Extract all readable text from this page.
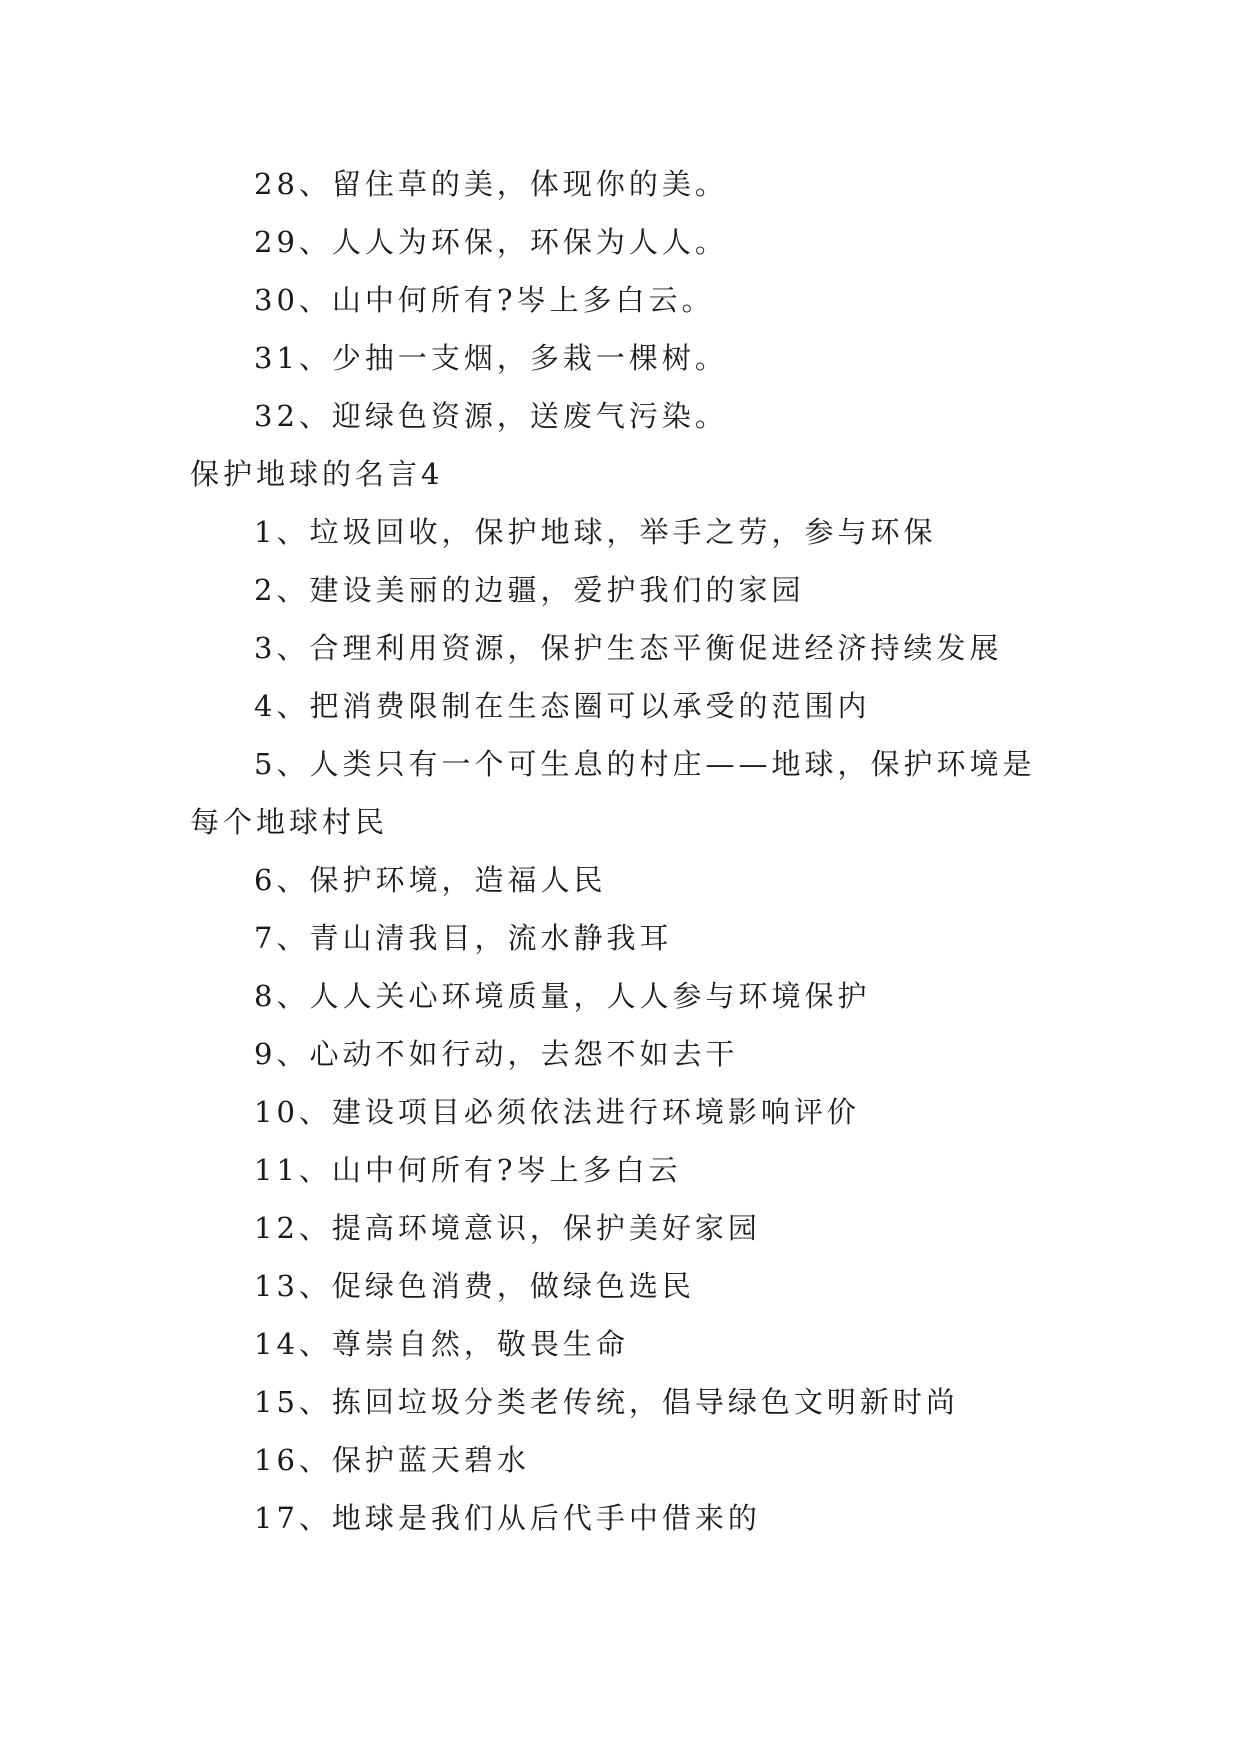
28、留住草的美，体现你的美。
29、人人为环保，环保为人人。
30、山中何所有?岑上多白云。
31、少抽一支烟，多栽一棵树。
32、迎绿色资源，送废气污染。
保护地球的名言4
1、垃圾回收，保护地球，举手之劳，参与环保
2、建设美丽的边疆，爱护我们的家园
3、合理利用资源，保护生态平衡促进经济持续发展
4、把消费限制在生态圈可以承受的范围内
5、人类只有一个可生息的村庄——地球，保护环境是
每个地球村民
6、保护环境，造福人民
7、青山清我目，流水静我耳
8、人人关心环境质量，人人参与环境保护
9、心动不如行动，去怨不如去干
10、建设项目必须依法进行环境影响评价
11、山中何所有?岑上多白云
12、提高环境意识，保护美好家园
13、促绿色消费，做绿色选民
14、尊崇自然，敬畏生命
15、拣回垃圾分类老传统，倡导绿色文明新时尚
16、保护蓝天碧水
17、地球是我们从后代手中借来的
